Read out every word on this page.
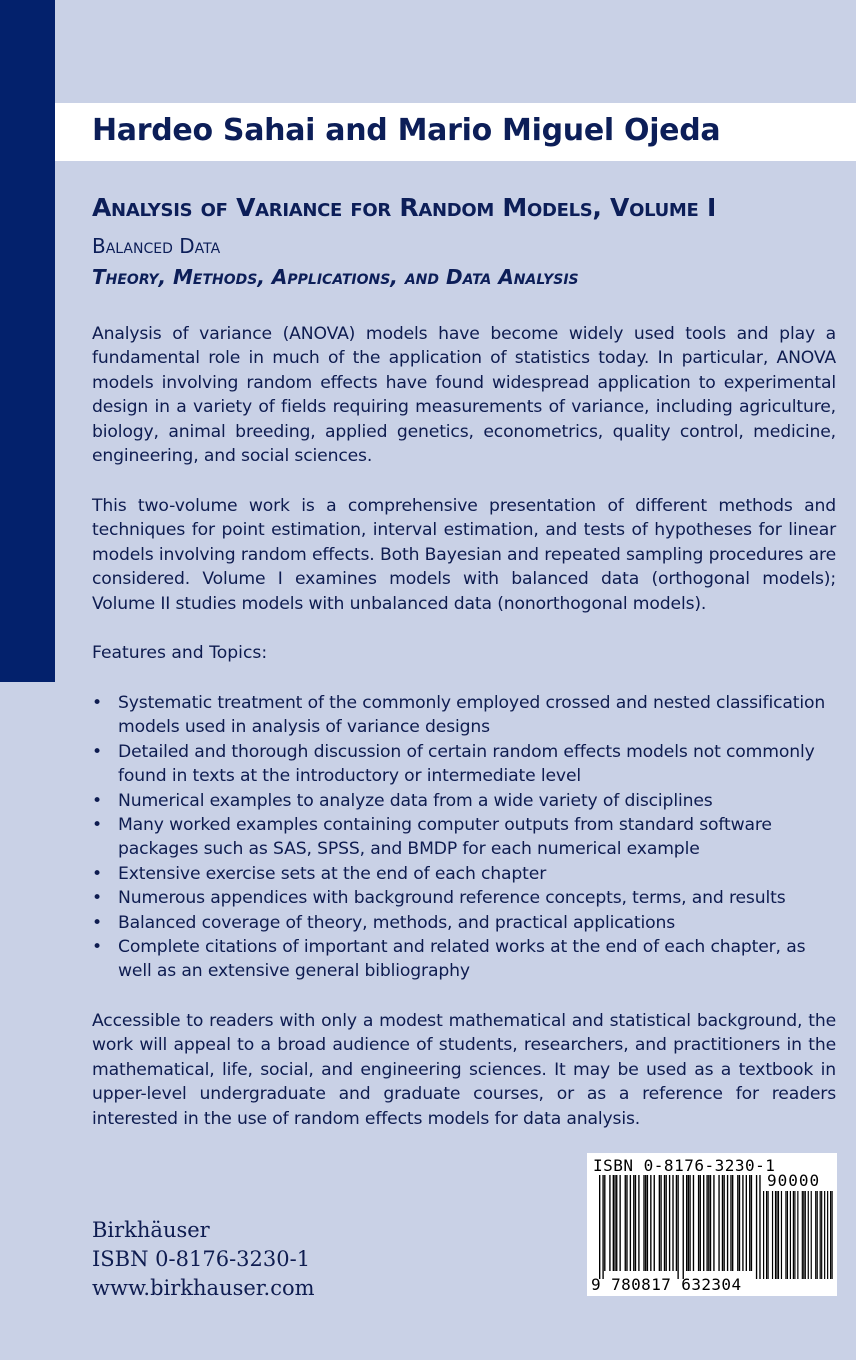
Hardeo Sahai and Mario Miguel Ojeda
Analysis of Variance for Random Models, Volume I
Balanced Data
Theory, Methods, Applications, and Data Analysis

Analysis of variance (ANOVA) models have become widely used tools and play a fundamental role in much of the application of statistics today. In particular, ANOVA models involving random effects have found widespread application to experimental design in a variety of fields requiring measurements of variance, including agriculture, biology, animal breeding, applied genetics, econometrics, quality control, medicine, engineering, and social sciences.

This two-volume work is a comprehensive presentation of different methods and techniques for point estimation, interval estimation, and tests of hypotheses for linear models involving random effects. Both Bayesian and repeated sampling procedures are considered. Volume I examines models with balanced data (orthogonal models); Volume II studies models with unbalanced data (nonorthogonal models).

Features and Topics:
• Systematic treatment of the commonly employed crossed and nested classification models used in analysis of variance designs
• Detailed and thorough discussion of certain random effects models not commonly found in texts at the introductory or intermediate level
• Numerical examples to analyze data from a wide variety of disciplines
• Many worked examples containing computer outputs from standard software packages such as SAS, SPSS, and BMDP for each numerical example
• Extensive exercise sets at the end of each chapter
• Numerous appendices with background reference concepts, terms, and results
• Balanced coverage of theory, methods, and practical applications
• Complete citations of important and related works at the end of each chapter, as well as an extensive general bibliography

Accessible to readers with only a modest mathematical and statistical background, the work will appeal to a broad audience of students, researchers, and practitioners in the mathematical, life, social, and engineering sciences. It may be used as a textbook in upper-level undergraduate and graduate courses, or as a reference for readers interested in the use of random effects models for data analysis.

Birkhäuser
ISBN 0-8176-3230-1
www.birkhauser.com
ISBN 0-8176-3230-1
90000
9 780817 632304
